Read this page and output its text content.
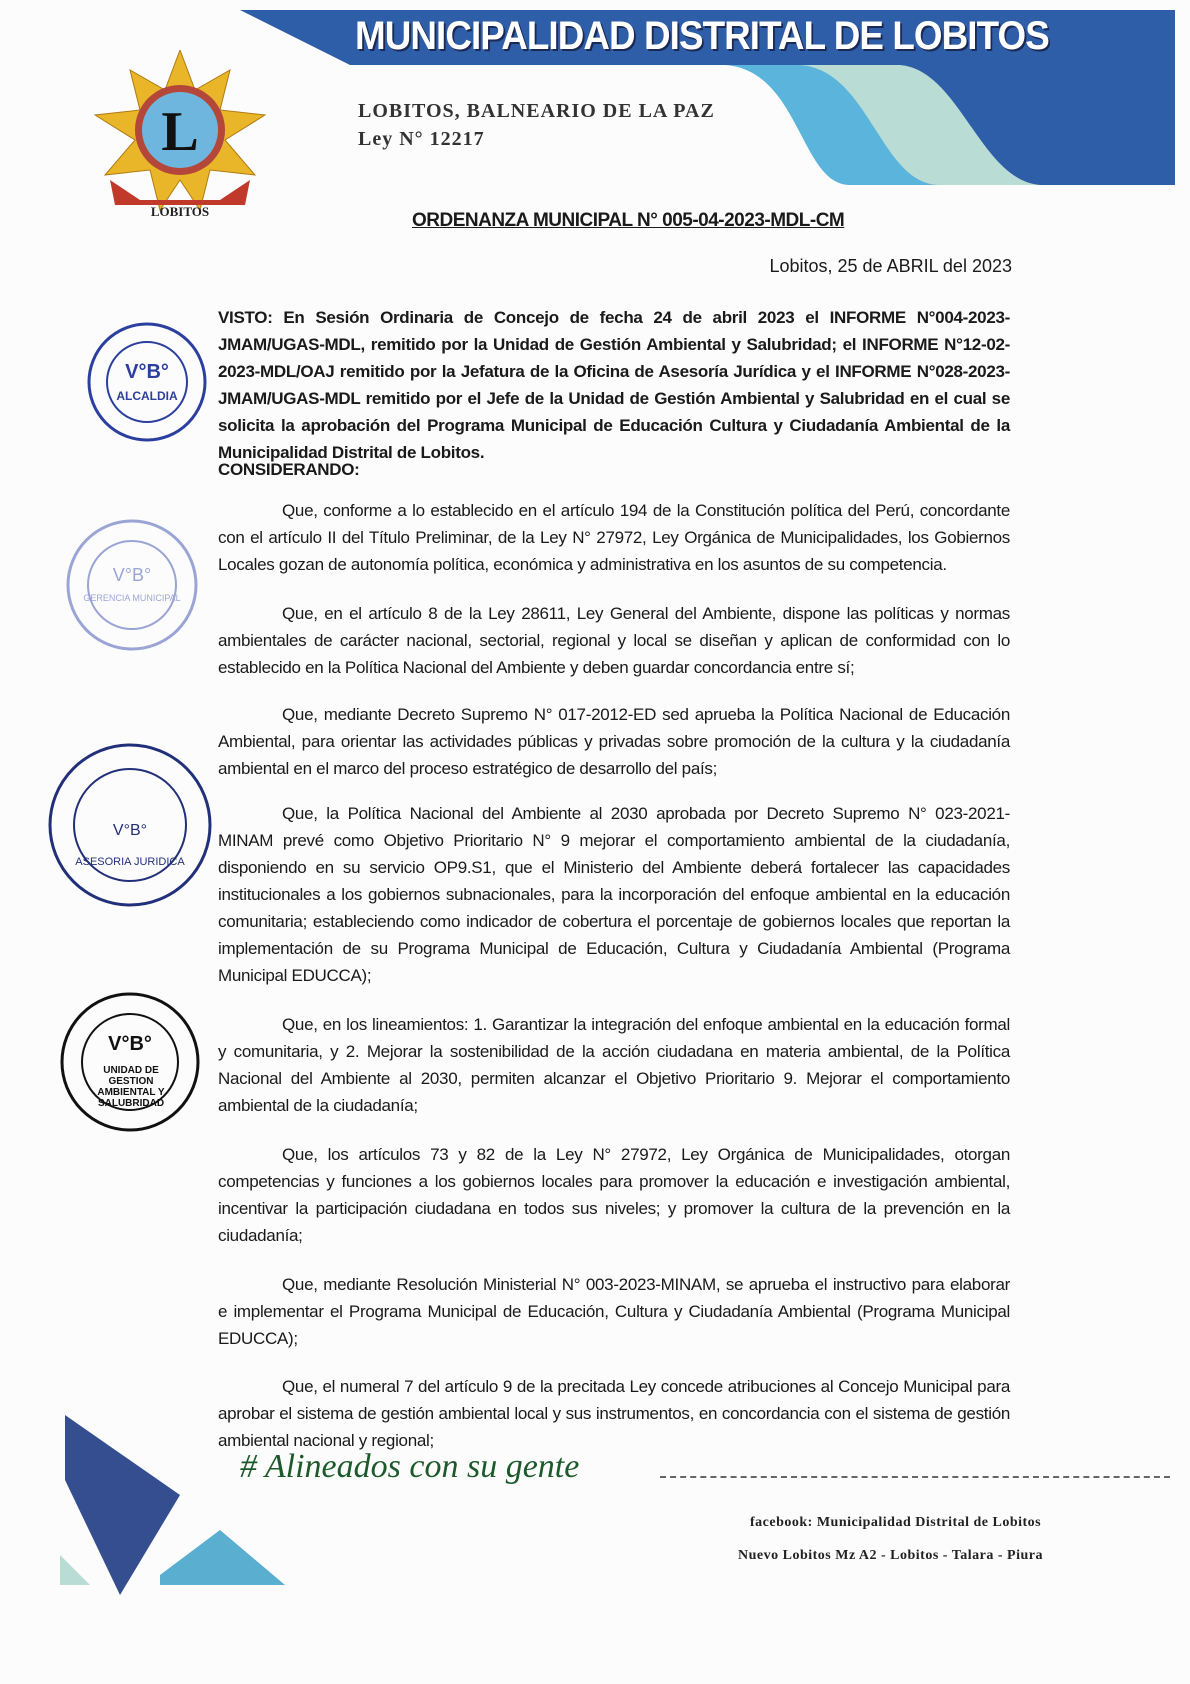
MUNICIPALIDAD DISTRITAL DE LOBITOS
L
LOBITOS
LOBITOS, BALNEARIO DE LA PAZ
Ley N° 12217
ORDENANZA MUNICIPAL N° 005-04-2023-MDL-CM
Lobitos, 25 de ABRIL del 2023
VISTO: En Sesión Ordinaria de Concejo de fecha 24 de abril 2023 el INFORME N°004-2023-JMAM/UGAS-MDL, remitido por la Unidad de Gestión Ambiental y Salubridad; el INFORME N°12-02-2023-MDL/OAJ remitido por la Jefatura de la Oficina de Asesoría Jurídica y el INFORME N°028-2023-JMAM/UGAS-MDL remitido por el Jefe de la Unidad de Gestión Ambiental y Salubridad en el cual se solicita la aprobación del Programa Municipal de Educación Cultura y Ciudadanía Ambiental de la Municipalidad Distrital de Lobitos.
CONSIDERANDO:
Que, conforme a lo establecido en el artículo 194 de la Constitución política del Perú, concordante con el artículo II del Título Preliminar, de la Ley N° 27972, Ley Orgánica de Municipalidades, los Gobiernos Locales gozan de autonomía política, económica y administrativa en los asuntos de su competencia.
Que, en el artículo 8 de la Ley 28611, Ley General del Ambiente, dispone las políticas y normas ambientales de carácter nacional, sectorial, regional y local se diseñan y aplican de conformidad con lo establecido en la Política Nacional del Ambiente y deben guardar concordancia entre sí;
Que, mediante Decreto Supremo N° 017-2012-ED sed aprueba la Política Nacional de Educación Ambiental, para orientar las actividades públicas y privadas sobre promoción de la cultura y la ciudadanía ambiental en el marco del proceso estratégico de desarrollo del país;
Que, la Política Nacional del Ambiente al 2030 aprobada por Decreto Supremo N° 023-2021-MINAM prevé como Objetivo Prioritario N° 9 mejorar el comportamiento ambiental de la ciudadanía, disponiendo en su servicio OP9.S1, que el Ministerio del Ambiente deberá fortalecer las capacidades institucionales a los gobiernos subnacionales, para la incorporación del enfoque ambiental en la educación comunitaria; estableciendo como indicador de cobertura el porcentaje de gobiernos locales que reportan la implementación de su Programa Municipal de Educación, Cultura y Ciudadanía Ambiental (Programa Municipal EDUCCA);
Que, en los lineamientos: 1. Garantizar la integración del enfoque ambiental en la educación formal y comunitaria, y 2. Mejorar la sostenibilidad de la acción ciudadana en materia ambiental, de la Política Nacional del Ambiente al 2030, permiten alcanzar el Objetivo Prioritario 9. Mejorar el comportamiento ambiental de la ciudadanía;
Que, los artículos 73 y 82 de la Ley N° 27972, Ley Orgánica de Municipalidades, otorgan competencias y funciones a los gobiernos locales para promover la educación e investigación ambiental, incentivar la participación ciudadana en todos sus niveles; y promover la cultura de la prevención en la ciudadanía;
Que, mediante Resolución Ministerial N° 003-2023-MINAM, se aprueba el instructivo para elaborar e implementar el Programa Municipal de Educación, Cultura y Ciudadanía Ambiental (Programa Municipal EDUCCA);
Que, el numeral 7 del artículo 9 de la precitada Ley concede atribuciones al Concejo Municipal para aprobar el sistema de gestión ambiental local y sus instrumentos, en concordancia con el sistema de gestión ambiental nacional y regional;
V°B°
ALCALDIA
V°B°
GERENCIA MUNICIPAL
V°B°
ASESORIA JURIDICA
V°B°
UNIDAD DE GESTION AMBIENTAL Y SALUBRIDAD
# Alineados con su gente
facebook: Municipalidad Distrital de Lobitos
Nuevo Lobitos Mz A2 - Lobitos - Talara - Piura
